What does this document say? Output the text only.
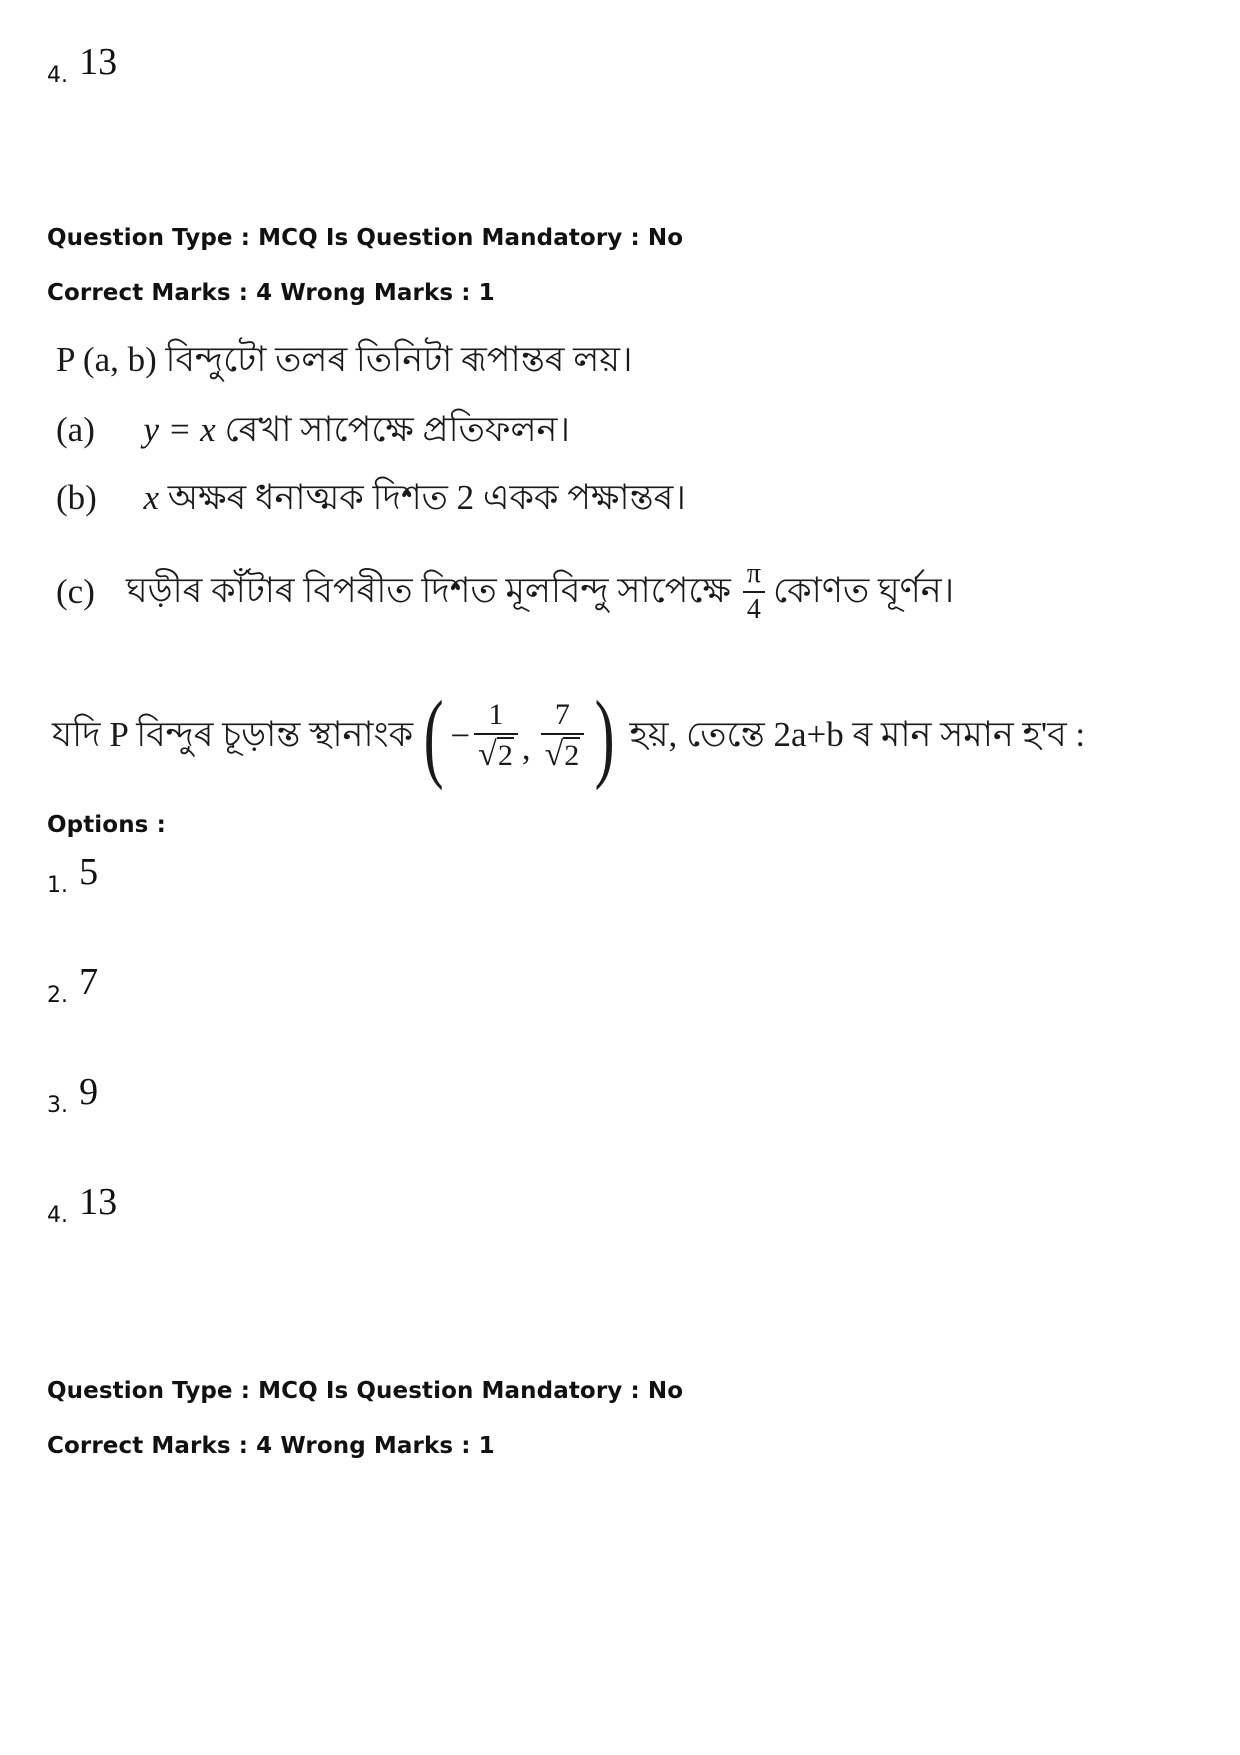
4. 13
Question Type : MCQ Is Question Mandatory : No
Correct Marks : 4 Wrong Marks : 1
P (a, b) বিন্দুটো তলৰ তিনিটা ৰূপান্তৰ লয়।
(a) y = x ৰেখা সাপেক্ষে প্ৰতিফলন।
(b) x অক্ষৰ ধনাত্মক দিশত 2 একক পক্ষান্তৰ।
(c) ঘড়ীৰ কাঁটাৰ বিপৰীত দিশত মূলবিন্দু সাপেক্ষে $\frac{\pi}{4}$ কোণত ঘূৰ্ণন।
যদি P বিন্দুৰ চূড়ান্ত স্থানাংক ( − $\frac{1}{√2}$ , $\frac{7}{√2}$ ) হয়, তেন্তে 2a+b ৰ মান সমান হ'ব :
Options :
1. 5
2. 7
3. 9
4. 13
Question Type : MCQ Is Question Mandatory : No
Correct Marks : 4 Wrong Marks : 1
